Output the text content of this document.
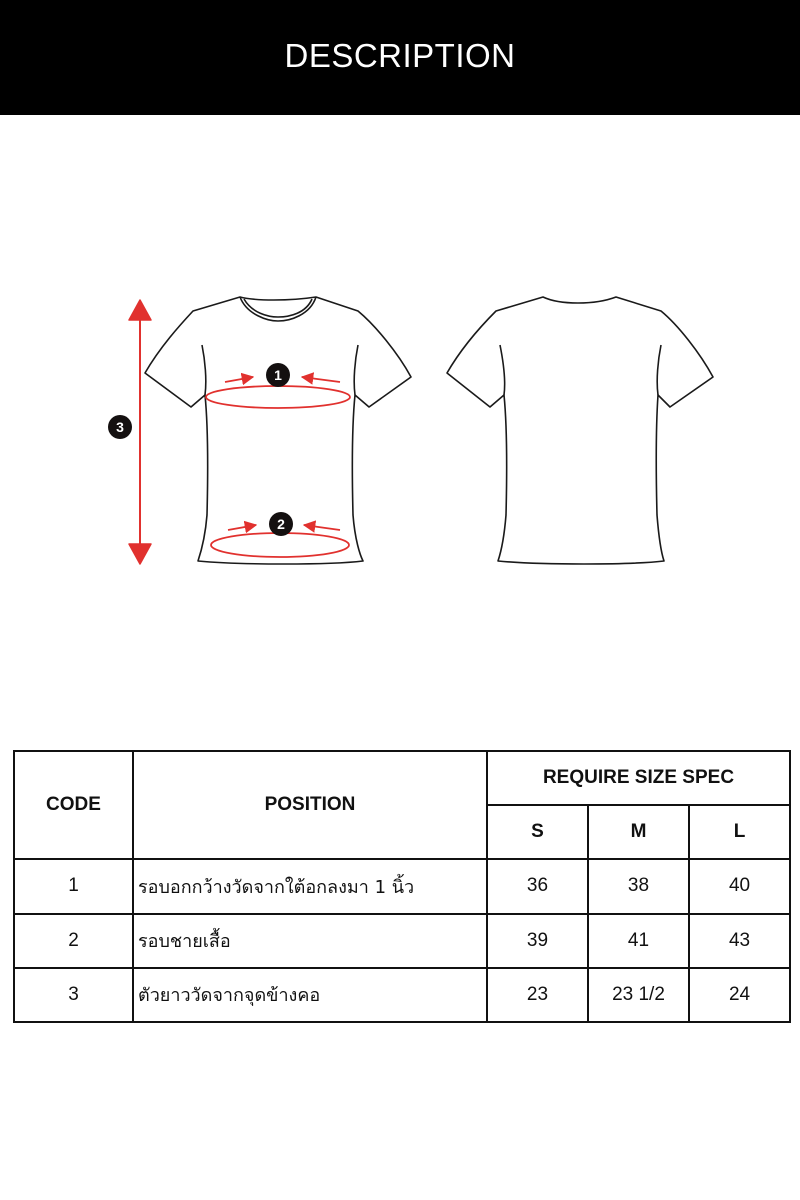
DESCRIPTION
1
2
3
CODE	POSITION	REQUIRE SIZE SPEC		
		S	M	L
1	รอบอกกว้างวัดจากใต้อกลงมา 1 นิ้ว	36	38	40
2	รอบชายเสื้อ	39	41	43
3	ตัวยาววัดจากจุดข้างคอ	23	23 1/2	24
